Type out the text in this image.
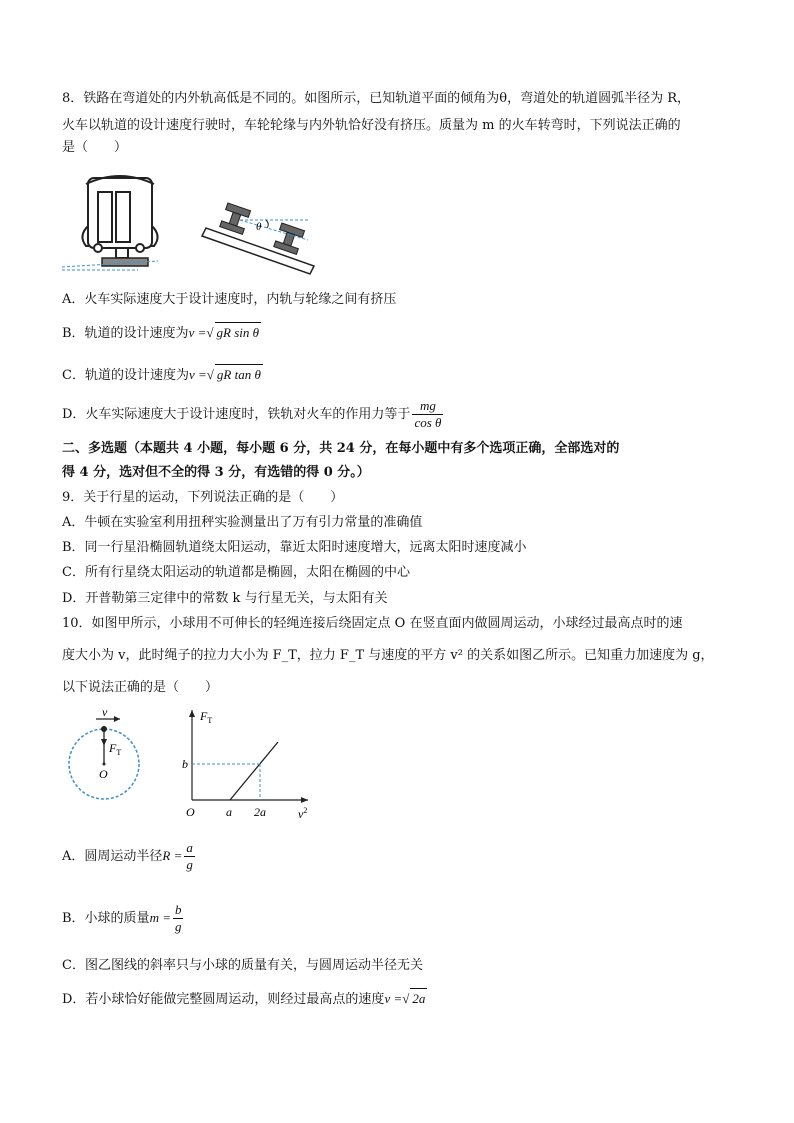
8．铁路在弯道处的内外轨高低是不同的。如图所示，已知轨道平面的倾角为θ，弯道处的轨道圆弧半径为 R，
火车以轨道的设计速度行驶时，车轮轮缘与内外轨恰好没有挤压。质量为 m 的火车转弯时，下列说法正确的
是（　　）
θ
A．火车实际速度大于设计速度时，内轨与轮缘之间有挤压
B．轨道的设计速度为v =√ gR sin θ
C．轨道的设计速度为v =√ gR tan θ
D．火车实际速度大于设计速度时，铁轨对火车的作用力等于 $\frac{mg}{\text{cos θ}}$
二、多选题（本题共 4 小题，每小题 6 分，共 24 分，在每小题中有多个选项正确，全部选对的
得 4 分，选对但不全的得 3 分，有选错的得 0 分。）
9．关于行星的运动，下列说法正确的是（　　）
A．牛顿在实验室利用扭秤实验测量出了万有引力常量的准确值
B．同一行星沿椭圆轨道绕太阳运动，靠近太阳时速度增大，远离太阳时速度减小
C．所有行星绕太阳运动的轨道都是椭圆，太阳在椭圆的中心
D．开普勒第三定律中的常数 k 与行星无关，与太阳有关
10．如图甲所示，小球用不可伸长的轻绳连接后绕固定点 O 在竖直面内做圆周运动，小球经过最高点时的速
度大小为 v，此时绳子的拉力大小为 F_T，拉力 F_T 与速度的平方 v² 的关系如图乙所示。已知重力加速度为 g，
以下说法正确的是（　　）
v
$F_T$
O
$F_T$
b
O	a 2a	$v^2$
A．圆周运动半径$R = \frac{a}{g}$
B．小球的质量$m = \frac{b}{g}$
C．图乙图线的斜率只与小球的质量有关，与圆周运动半径无关
D．若小球恰好能做完整圆周运动，则经过最高点的速度v =√ 2a
